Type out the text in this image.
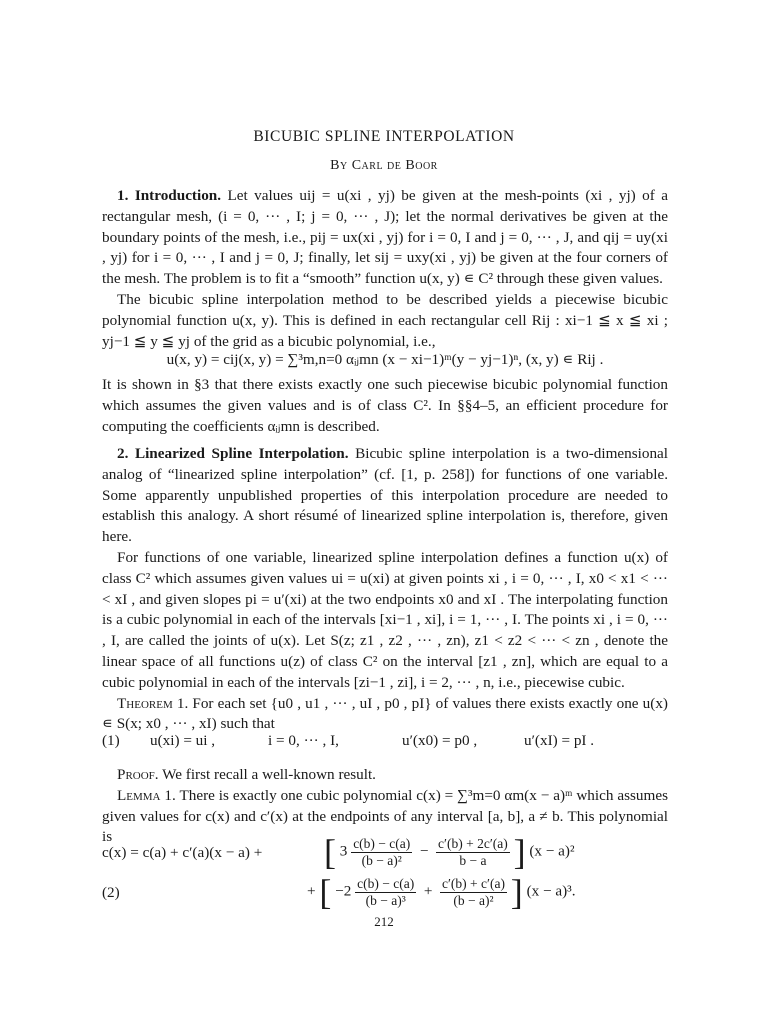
BICUBIC SPLINE INTERPOLATION
By Carl de Boor

1. Introduction. Let values uij = u(xi , yj) be given at the mesh-points (xi , yj) of a rectangular mesh, (i = 0, ··· , I; j = 0, ··· , J); let the normal derivatives be given at the boundary points of the mesh, i.e., pij = ux(xi , yj) for i = 0, I and j = 0, ··· , J, and qij = uy(xi , yj) for i = 0, ··· , I and j = 0, J; finally, let sij = uxy(xi , yj) be given at the four corners of the mesh. The problem is to fit a “smooth” function u(x, y) ∊ C² through these given values.

The bicubic spline interpolation method to be described yields a piecewise bicubic polynomial function u(x, y). This is defined in each rectangular cell Rij : xi−1 ≦ x ≦ xi ; yj−1 ≦ y ≦ yj of the grid as a bicubic polynomial, i.e.,

u(x, y) = cij(x, y) = ∑³m,n=0 αᵢⱼmn (x − xi−1)ᵐ(y − yj−1)ⁿ, (x, y) ∊ Rij .

It is shown in §3 that there exists exactly one such piecewise bicubic polynomial function which assumes the given values and is of class C². In §§4–5, an efficient procedure for computing the coefficients αᵢⱼmn is described.

2. Linearized Spline Interpolation. Bicubic spline interpolation is a two-dimensional analog of “linearized spline interpolation” (cf. [1, p. 258]) for functions of one variable. Some apparently unpublished properties of this interpolation procedure are needed to establish this analogy. A short résumé of linearized spline interpolation is, therefore, given here.

For functions of one variable, linearized spline interpolation defines a function u(x) of class C² which assumes given values ui = u(xi) at given points xi , i = 0, ··· , I, x0 < x1 < ··· < xI , and given slopes pi = u′(xi) at the two endpoints x0 and xI . The interpolating function is a cubic polynomial in each of the intervals [xi−1 , xi], i = 1, ··· , I. The points xi , i = 0, ··· , I, are called the joints of u(x). Let S(z; z1 , z2 , ··· , zn), z1 < z2 < ··· < zn , denote the linear space of all functions u(z) of class C² on the interval [z1 , zn], which are equal to a cubic polynomial in each of the intervals [zi−1 , zi], i = 2, ··· , n, i.e., piecewise cubic.

Theorem 1. For each set {u0 , u1 , ··· , uI , p0 , pI} of values there exists exactly one u(x) ∊ S(x; x0 , ··· , xI) such that

(1) u(xi) = ui ,	i = 0, ··· , I,	u′(x0) = p0 ,	u′(xI) = pI .

Proof. We first recall a well-known result.

Lemma 1. There is exactly one cubic polynomial c(x) = ∑³m=0 αm(x − a)ᵐ which assumes given values for c(x) and c′(x) at the endpoints of any interval [a, b], a ≠ b. This polynomial is

c(x) = c(a) + c′(a)(x − a) + [ $3 \frac{c(b) - c(a)}{\text{(b − a)²}} - \frac{c'(b) + 2c'(a)}{b - a}$ ] (x − a)²
(2)	+ [ $-2 \frac{c(b) - c(a)}{\text{(b − a)³}} + \frac{c'(b) + c'(a)}{\text{(b − a)²}}$ ] (x − a)³.
212
